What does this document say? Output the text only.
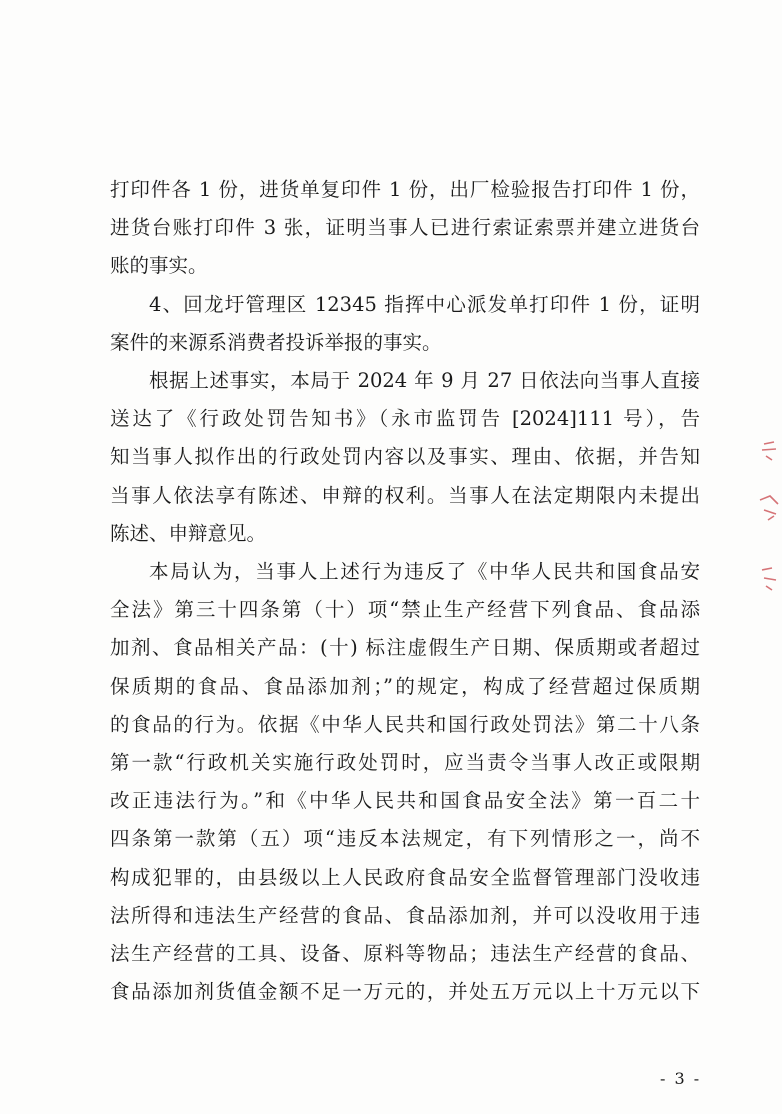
打印件各 1 份，进货单复印件 1 份，出厂检验报告打印件 1 份，
进货台账打印件 3 张，证明当事人已进行索证索票并建立进货台
账的事实。
4、回龙圩管理区 12345 指挥中心派发单打印件 1 份，证明
案件的来源系消费者投诉举报的事实。
根据上述事实，本局于 2024 年 9 月 27 日依法向当事人直接
送达了《行政处罚告知书》（永市监罚告 [2024]111 号），告
知当事人拟作出的行政处罚内容以及事实、理由、依据，并告知
当事人依法享有陈述、申辩的权利。当事人在法定期限内未提出
陈述、申辩意见。
本局认为，当事人上述行为违反了《中华人民共和国食品安
全法》第三十四条第（十）项“禁止生产经营下列食品、食品添
加剂、食品相关产品：(十) 标注虚假生产日期、保质期或者超过
保质期的食品、食品添加剂；”的规定，构成了经营超过保质期
的食品的行为。依据《中华人民共和国行政处罚法》第二十八条
第一款“行政机关实施行政处罚时，应当责令当事人改正或限期
改正违法行为。”和《中华人民共和国食品安全法》第一百二十
四条第一款第（五）项“违反本法规定，有下列情形之一，尚不
构成犯罪的，由县级以上人民政府食品安全监督管理部门没收违
法所得和违法生产经营的食品、食品添加剂，并可以没收用于违
法生产经营的工具、设备、原料等物品；违法生产经营的食品、
食品添加剂货值金额不足一万元的，并处五万元以上十万元以下
- 3 -
